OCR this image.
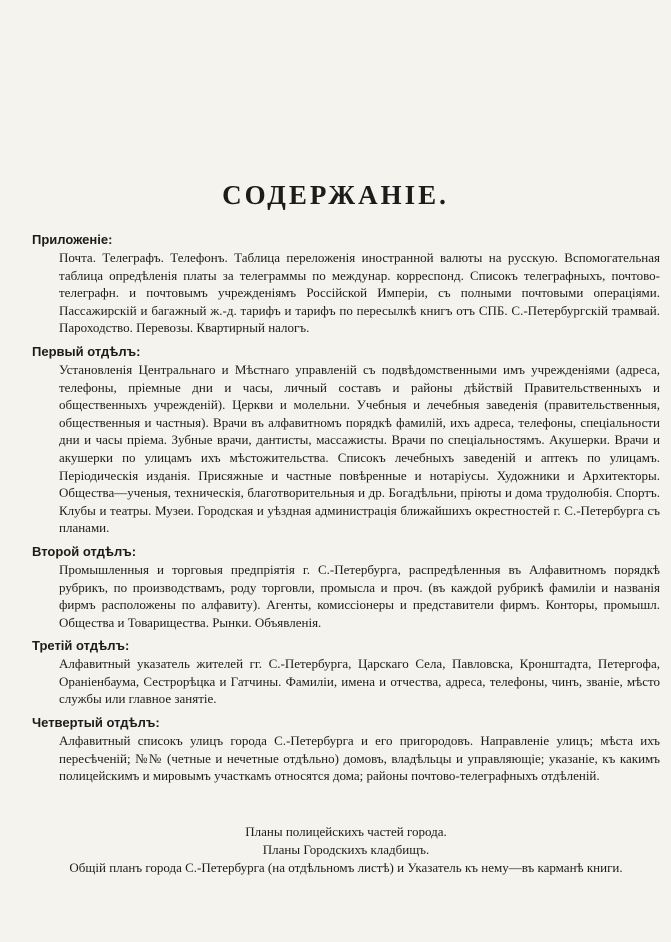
СОДЕРЖАНІЕ.

Приложеніе:

Почта. Телеграфъ. Телефонъ. Таблица переложенія иностранной валюты на русскую. Вспомогательная таблица опредѣленія платы за телеграммы по междунар. корреспонд. Списокъ телеграфныхъ, почтово-телеграфн. и почтовымъ учрежденіямъ Россійской Имперіи, съ полными почтовыми операціями. Пассажирскій и багажный ж.-д. тарифъ и тарифъ по пересылкѣ книгъ отъ СПБ. С.-Петербургскій трамвай. Пароходство. Перевозы. Квартирный налогъ.

Первый отдѣлъ:

Установленія Центральнаго и Мѣстнаго управленій съ подвѣдомственными имъ учрежденіями (адреса, телефоны, пріемные дни и часы, личный составъ и районы дѣйствій Правительственныхъ и общественныхъ учрежденій). Церкви и молельни. Учебныя и лечебныя заведенія (правительственныя, общественныя и частныя). Врачи въ алфавитномъ порядкѣ фамилій, ихъ адреса, телефоны, спеціальности дни и часы пріема. Зубные врачи, дантисты, массажисты. Врачи по спеціальностямъ. Акушерки. Врачи и акушерки по улицамъ ихъ мѣстожительства. Списокъ лечебныхъ заведеній и аптекъ по улицамъ. Періодическія изданія. Присяжные и частные повѣренные и нотаріусы. Художники и Архитекторы. Общества—ученыя, техническія, благотворительныя и др. Богадѣльни, пріюты и дома трудолюбія. Спортъ. Клубы и театры. Музеи. Городская и уѣздная администрація ближайшихъ окрестностей г. С.-Петербурга съ планами.

Второй отдѣлъ:

Промышленныя и торговыя предпріятія г. С.-Петербурга, распредѣленныя въ Алфавитномъ порядкѣ рубрикъ, по производствамъ, роду торговли, промысла и проч. (въ каждой рубрикѣ фамиліи и названія фирмъ расположены по алфавиту). Агенты, комиссіонеры и представители фирмъ. Конторы, промышл. Общества и Товарищества. Рынки. Объявленія.

Третій отдѣлъ:

Алфавитный указатель жителей гг. С.-Петербурга, Царскаго Села, Павловска, Кронштадта, Петергофа, Ораніенбаума, Сестрорѣцка и Гатчины. Фамиліи, имена и отчества, адреса, телефоны, чинъ, званіе, мѣсто службы или главное занятіе.

Четвертый отдѣлъ:

Алфавитный списокъ улицъ города С.-Петербурга и его пригородовъ. Направленіе улицъ; мѣста ихъ пересѣченій; №№ (четные и нечетные отдѣльно) домовъ, владѣльцы и управляющіе; указаніе, къ какимъ полицейскимъ и мировымъ участкамъ относятся дома; районы почтово-телеграфныхъ отдѣленій.

Планы полицейскихъ частей города.
Планы Городскихъ кладбищъ.
Общій планъ города С.-Петербурга (на отдѣльномъ листѣ) и Указатель къ нему—въ карманѣ книги.
